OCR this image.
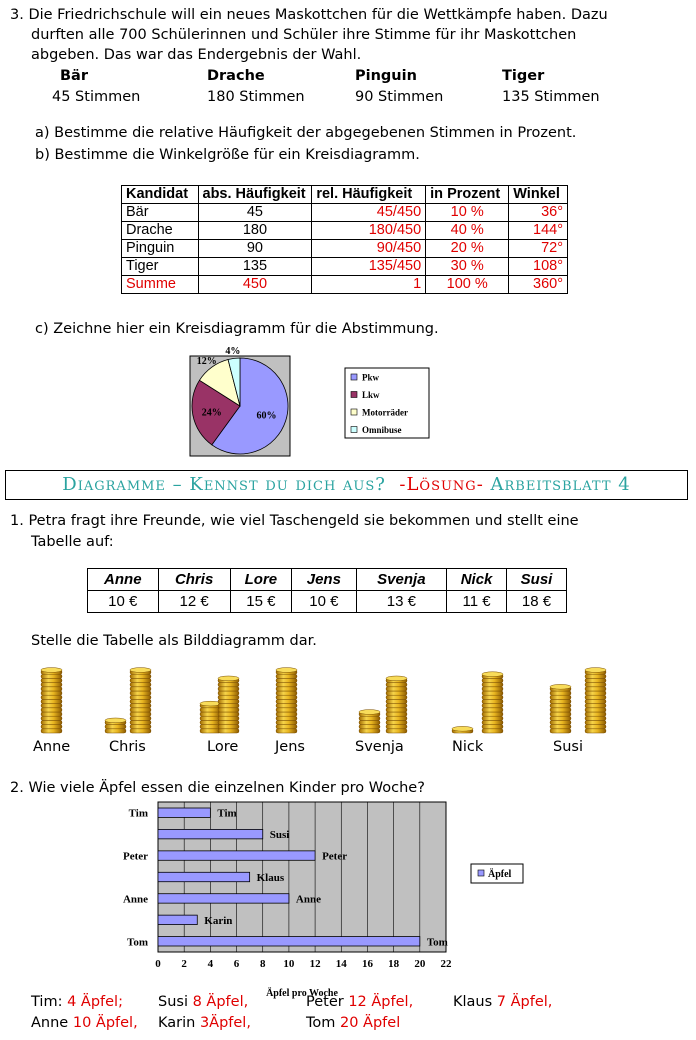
3. Die Friedrichschule will ein neues Maskottchen für die Wettkämpfe haben. Dazu
durften alle 700 Schülerinnen und Schüler ihre Stimme für ihr Maskottchen
abgeben. Das war das Endergebnis der Wahl.
Bär	Drache	Pinguin	Tiger
45 Stimmen	180 Stimmen	90 Stimmen	135 Stimmen
a) Bestimme die relative Häufigkeit der abgegebenen Stimmen in Prozent.
b) Bestimme die Winkelgröße für ein Kreisdiagramm.
Kandidat	abs. Häufigkeit	rel. Häufigkeit	in Prozent	Winkel
Bär	45	45/450	10 %	36°
Drache	180	180/450	40 %	144°
Pinguin	90	90/450	20 %	72°
Tiger	135	135/450	30 %	108°
Summe	450	1	100 %	360°
c) Zeichne hier ein Kreisdiagramm für die Abstimmung.
60%
24%
12%
4%
Pkw
Lkw
Motorräder
Omnibuse
Diagramme – Kennst du dich aus? -Lösung- Arbeitsblatt 4
1. Petra fragt ihre Freunde, wie viel Taschengeld sie bekommen und stellt eine
Tabelle auf:
Anne	Chris	Lore	Jens	Svenja	Nick	Susi
10 €	12 €	15 €	10 €	13 €	11 €	18 €
Stelle die Tabelle als Bilddiagramm dar.
Anne	Chris	Lore	Jens	Svenja	Nick	Susi
2. Wie viele Äpfel essen die einzelnen Kinder pro Woche?
Tim
Susi
Peter
Klaus
Anne
Karin
Tom
Tim
Peter
Anne
Tom
0 2 4 6 8 10 12 14 16 18 20 22
Äpfel pro Woche
Äpfel
Tim: 4 Äpfel; Susi 8 Äpfel,	Peter 12 Äpfel,	Klaus 7 Äpfel,
Anne 10 Äpfel, Karin 3Äpfel,	Tom 20 Äpfel
